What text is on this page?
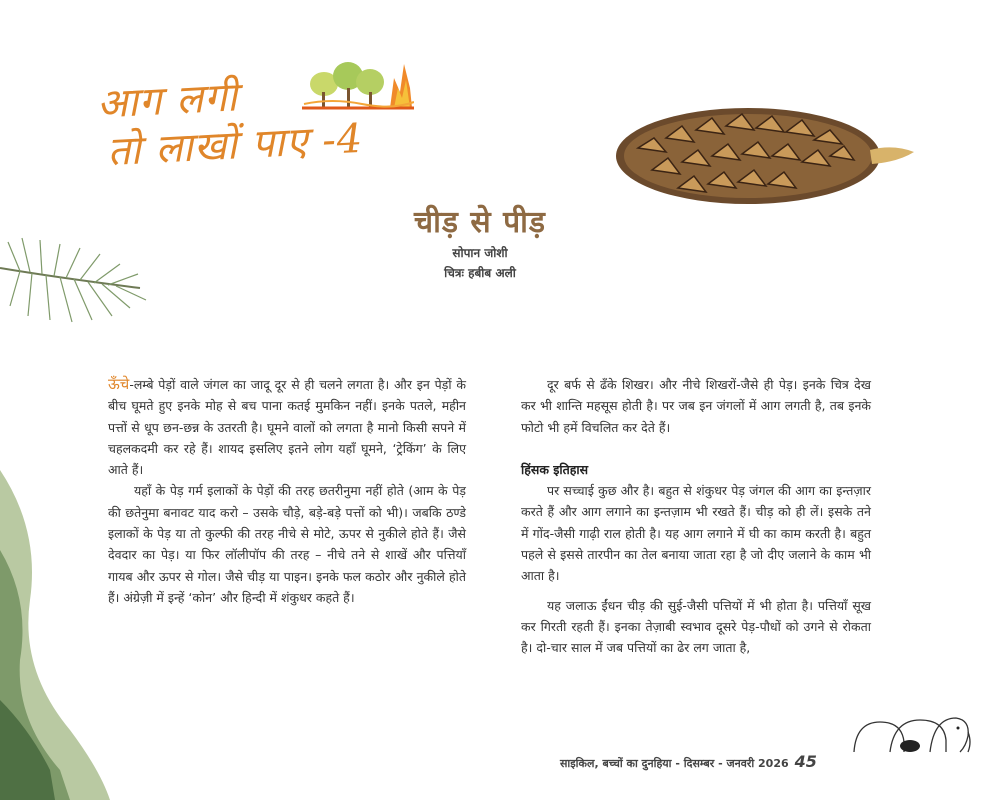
आग लगी
तो लाखों पाए -4
चीड़ से पीड़
सोपान जोशी
चित्रः हबीब अली

ऊँचे-लम्बे पेड़ों वाले जंगल का जादू दूर से ही चलने लगता है। और इन पेड़ों के बीच घूमते हुए इनके मोह से बच पाना कतई मुमकिन नहीं। इनके पतले, महीन पत्तों से धूप छन-छन्न के उतरती है। घूमने वालों को लगता है मानो किसी सपने में चहलकदमी कर रहे हैं। शायद इसलिए इतने लोग यहाँ घूमने, ‘ट्रेकिंग’ के लिए आते हैं।

यहाँ के पेड़ गर्म इलाकों के पेड़ों की तरह छतरीनुमा नहीं होते (आम के पेड़ की छतेनुमा बनावट याद करो – उसके चौड़े, बड़े-बड़े पत्तों को भी)। जबकि ठण्डे इलाकों के पेड़ या तो कुल्फी की तरह नीचे से मोटे, ऊपर से नुकीले होते हैं। जैसे देवदार का पेड़। या फिर लॉलीपॉप की तरह – नीचे तने से शाखें और पत्तियाँ गायब और ऊपर से गोल। जैसे चीड़ या पाइन। इनके फल कठोर और नुकीले होते हैं। अंग्रेज़ी में इन्हें ‘कोन’ और हिन्दी में शंकुधर कहते हैं।

दूर बर्फ से ढँके शिखर। और नीचे शिखरों-जैसे ही पेड़। इनके चित्र देख कर भी शान्ति महसूस होती है। पर जब इन जंगलों में आग लगती है, तब इनके फोटो भी हमें विचलित कर देते हैं।

हिंसक इतिहास

पर सच्चाई कुछ और है। बहुत से शंकुधर पेड़ जंगल की आग का इन्तज़ार करते हैं और आग लगाने का इन्तज़ाम भी रखते हैं। चीड़ को ही लें। इसके तने में गोंद-जैसी गाढ़ी राल होती है। यह आग लगाने में घी का काम करती है। बहुत पहले से इससे तारपीन का तेल बनाया जाता रहा है जो दीए जलाने के काम भी आता है।

यह जलाऊ ईंधन चीड़ की सुई-जैसी पत्तियों में भी होता है। पत्तियाँ सूख कर गिरती रहती हैं। इनका तेज़ाबी स्वभाव दूसरे पेड़-पौधों को उगने से रोकता है। दो-चार साल में जब पत्तियों का ढेर लग जाता है,

साइकिल, बच्चों का दुनहिया - दिसम्बर - जनवरी 2026 45
